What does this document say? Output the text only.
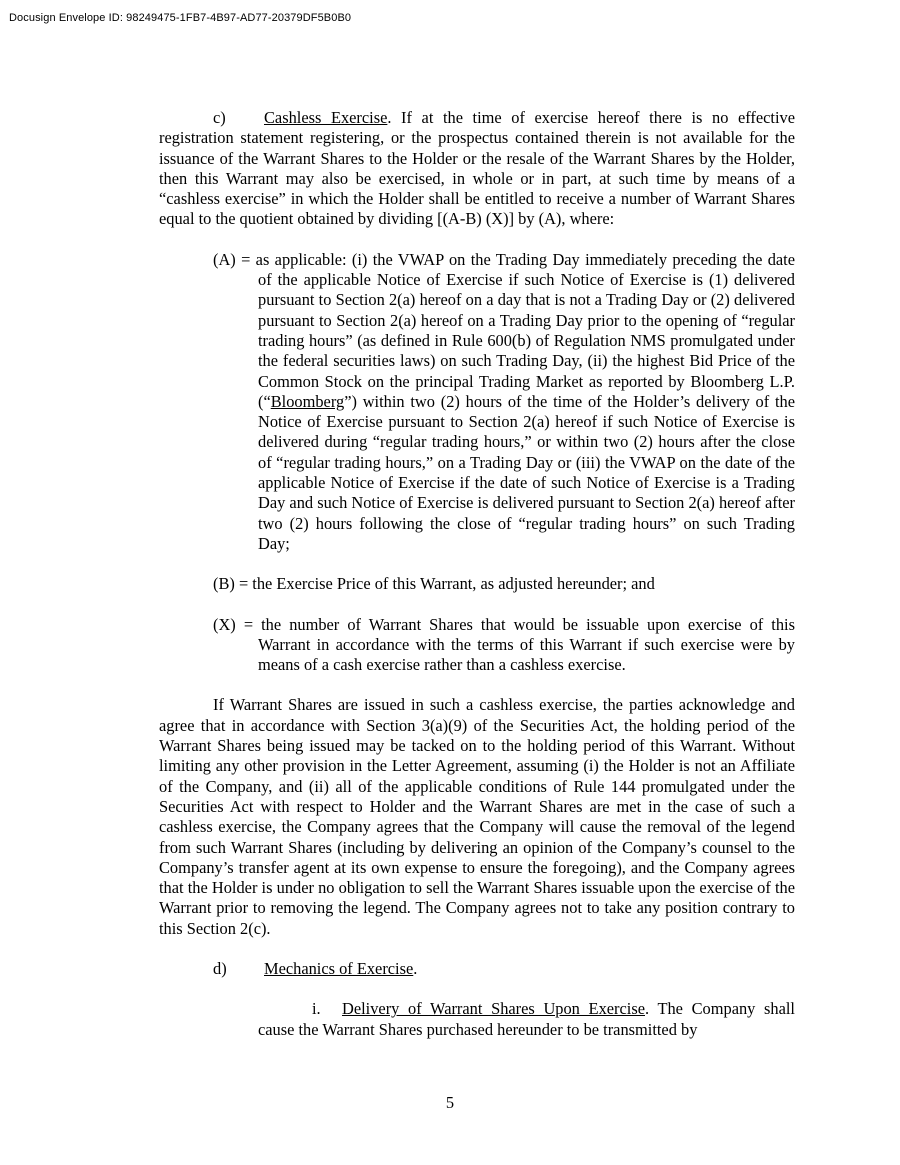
Docusign Envelope ID: 98249475-1FB7-4B97-AD77-20379DF5B0B0

c) Cashless Exercise. If at the time of exercise hereof there is no effective registration statement registering, or the prospectus contained therein is not available for the issuance of the Warrant Shares to the Holder or the resale of the Warrant Shares by the Holder, then this Warrant may also be exercised, in whole or in part, at such time by means of a “cashless exercise” in which the Holder shall be entitled to receive a number of Warrant Shares equal to the quotient obtained by dividing [(A-B) (X)] by (A), where:

(A) = as applicable: (i) the VWAP on the Trading Day immediately preceding the date of the applicable Notice of Exercise if such Notice of Exercise is (1) delivered pursuant to Section 2(a) hereof on a day that is not a Trading Day or (2) delivered pursuant to Section 2(a) hereof on a Trading Day prior to the opening of “regular trading hours” (as defined in Rule 600(b) of Regulation NMS promulgated under the federal securities laws) on such Trading Day, (ii) the highest Bid Price of the Common Stock on the principal Trading Market as reported by Bloomberg L.P. (“Bloomberg”) within two (2) hours of the time of the Holder’s delivery of the Notice of Exercise pursuant to Section 2(a) hereof if such Notice of Exercise is delivered during “regular trading hours,” or within two (2) hours after the close of “regular trading hours,” on a Trading Day or (iii) the VWAP on the date of the applicable Notice of Exercise if the date of such Notice of Exercise is a Trading Day and such Notice of Exercise is delivered pursuant to Section 2(a) hereof after two (2) hours following the close of “regular trading hours” on such Trading Day;

(B) = the Exercise Price of this Warrant, as adjusted hereunder; and

(X) = the number of Warrant Shares that would be issuable upon exercise of this Warrant in accordance with the terms of this Warrant if such exercise were by means of a cash exercise rather than a cashless exercise.

If Warrant Shares are issued in such a cashless exercise, the parties acknowledge and agree that in accordance with Section 3(a)(9) of the Securities Act, the holding period of the Warrant Shares being issued may be tacked on to the holding period of this Warrant. Without limiting any other provision in the Letter Agreement, assuming (i) the Holder is not an Affiliate of the Company, and (ii) all of the applicable conditions of Rule 144 promulgated under the Securities Act with respect to Holder and the Warrant Shares are met in the case of such a cashless exercise, the Company agrees that the Company will cause the removal of the legend from such Warrant Shares (including by delivering an opinion of the Company’s counsel to the Company’s transfer agent at its own expense to ensure the foregoing), and the Company agrees that the Holder is under no obligation to sell the Warrant Shares issuable upon the exercise of the Warrant prior to removing the legend. The Company agrees not to take any position contrary to this Section 2(c).

d) Mechanics of Exercise.

i. Delivery of Warrant Shares Upon Exercise. The Company shall cause the Warrant Shares purchased hereunder to be transmitted by

5
